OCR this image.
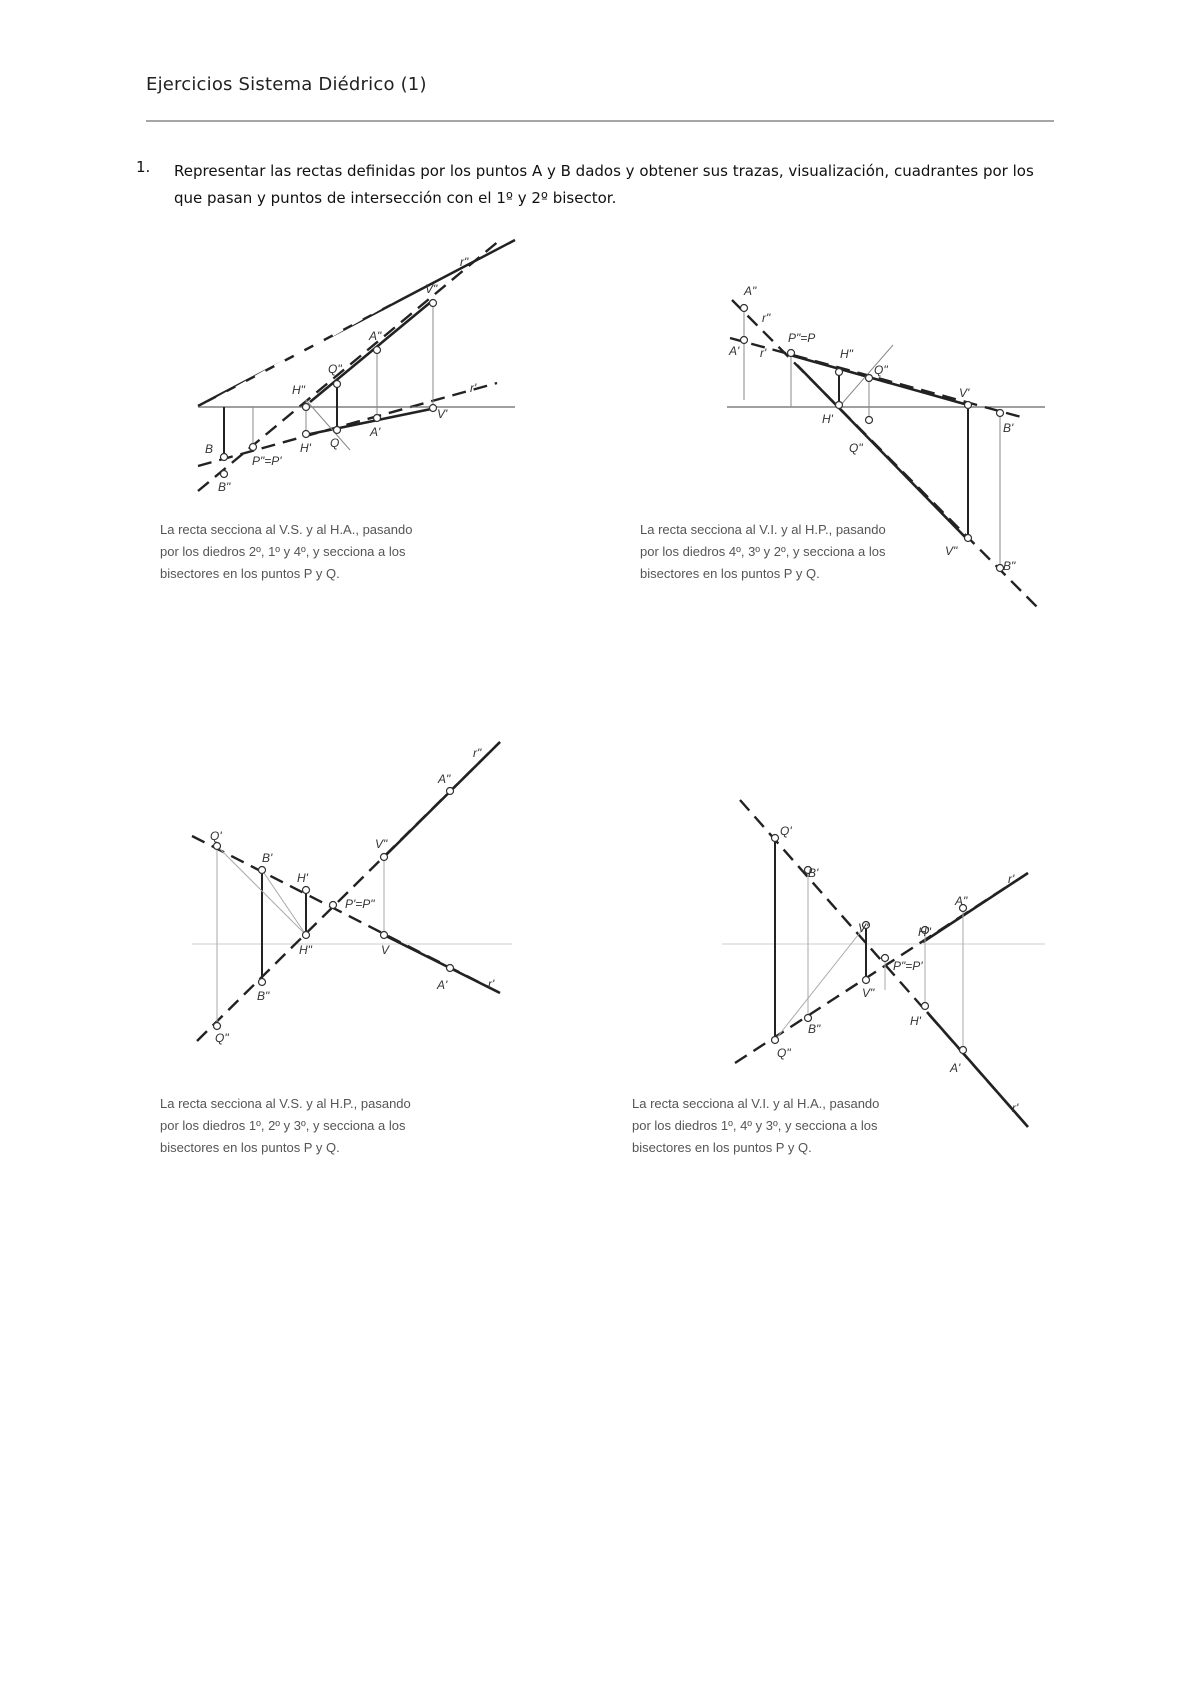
Ejercicios Sistema Diédrico (1)
1. Representar las rectas definidas por los puntos A y B dados y obtener sus trazas, visualización, cuadrantes por los que pasan y puntos de intersección con el 1º y 2º bisector.
r"
r'
V"
V'
A"
A'
Q"
Q
H"
H'
B
B"
P"=P'
La recta secciona al V.S. y al H.A., pasando
por los diedros 2º, 1º y 4º, y secciona a los
bisectores en los puntos P y Q.
A"
A'
r"
r'
P"=P
H"
H'
Q"
Q"
V'
V"
B'
B"
La recta secciona al V.I. y al H.P., pasando
por los diedros 4º, 3º y 2º, y secciona a los
bisectores en los puntos P y Q.
r"
A"
Q'
B'
V"
H'
P'=P"
H"	V
B"
A'	r'
Q"
La recta secciona al V.S. y al H.P., pasando
por los diedros 1º, 2º y 3º, y secciona a los
bisectores en los puntos P y Q.
Q'
B'
V'
r'
A"
H"
P"=P'
V"
H'
B"
Q"
A'
r'
La recta secciona al V.I. y al H.A., pasando
por los diedros 1º, 4º y 3º, y secciona a los
bisectores en los puntos P y Q.
